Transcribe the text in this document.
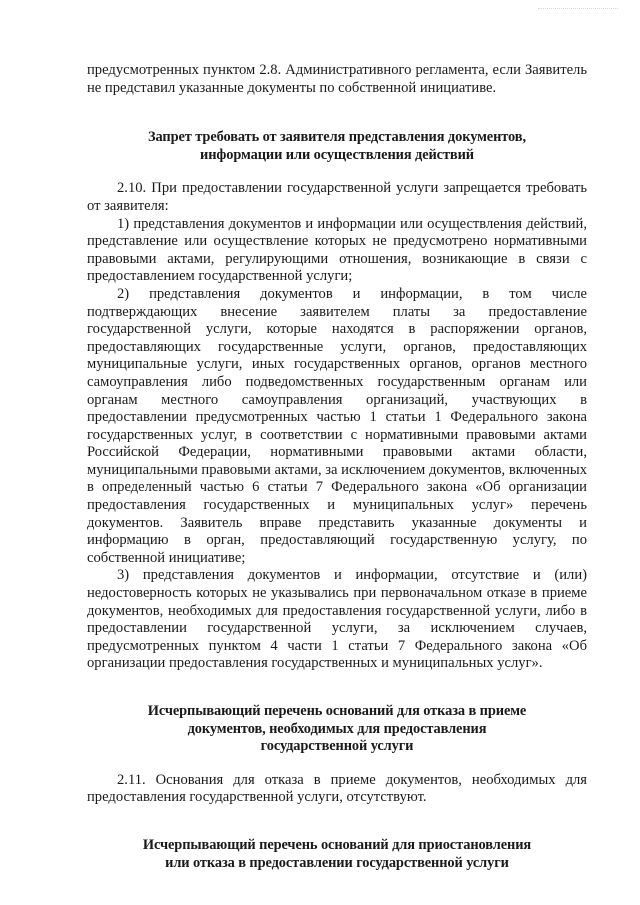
предусмотренных пунктом 2.8. Административного регламента, если Заявитель не представил указанные документы по собственной инициативе.

Запрет требовать от заявителя представления документов,
информации или осуществления действий

2.10. При предоставлении государственной услуги запрещается требовать от заявителя:

1) представления документов и информации или осуществления действий, представление или осуществление которых не предусмотрено нормативными правовыми актами, регулирующими отношения, возникающие в связи с предоставлением государственной услуги;

2) представления документов и информации, в том числе подтверждающих внесение заявителем платы за предоставление государственной услуги, которые находятся в распоряжении органов, предоставляющих государственные услуги, органов, предоставляющих муниципальные услуги, иных государственных органов, органов местного самоуправления либо подведомственных государственным органам или органам местного самоуправления организаций, участвующих в предоставлении предусмотренных частью 1 статьи 1 Федерального закона государственных услуг, в соответствии с нормативными правовыми актами Российской Федерации, нормативными правовыми актами области, муниципальными правовыми актами, за исключением документов, включенных в определенный частью 6 статьи 7 Федерального закона «Об организации предоставления государственных и муниципальных услуг» перечень документов. Заявитель вправе представить указанные документы и информацию в орган, предоставляющий государственную услугу, по собственной инициативе;

3) представления документов и информации, отсутствие и (или) недостоверность которых не указывались при первоначальном отказе в приеме документов, необходимых для предоставления государственной услуги, либо в предоставлении государственной услуги, за исключением случаев, предусмотренных пунктом 4 части 1 статьи 7 Федерального закона «Об организации предоставления государственных и муниципальных услуг».

Исчерпывающий перечень оснований для отказа в приеме
документов, необходимых для предоставления
государственной услуги

2.11. Основания для отказа в приеме документов, необходимых для предоставления государственной услуги, отсутствуют.

Исчерпывающий перечень оснований для приостановления
или отказа в предоставлении государственной услуги
